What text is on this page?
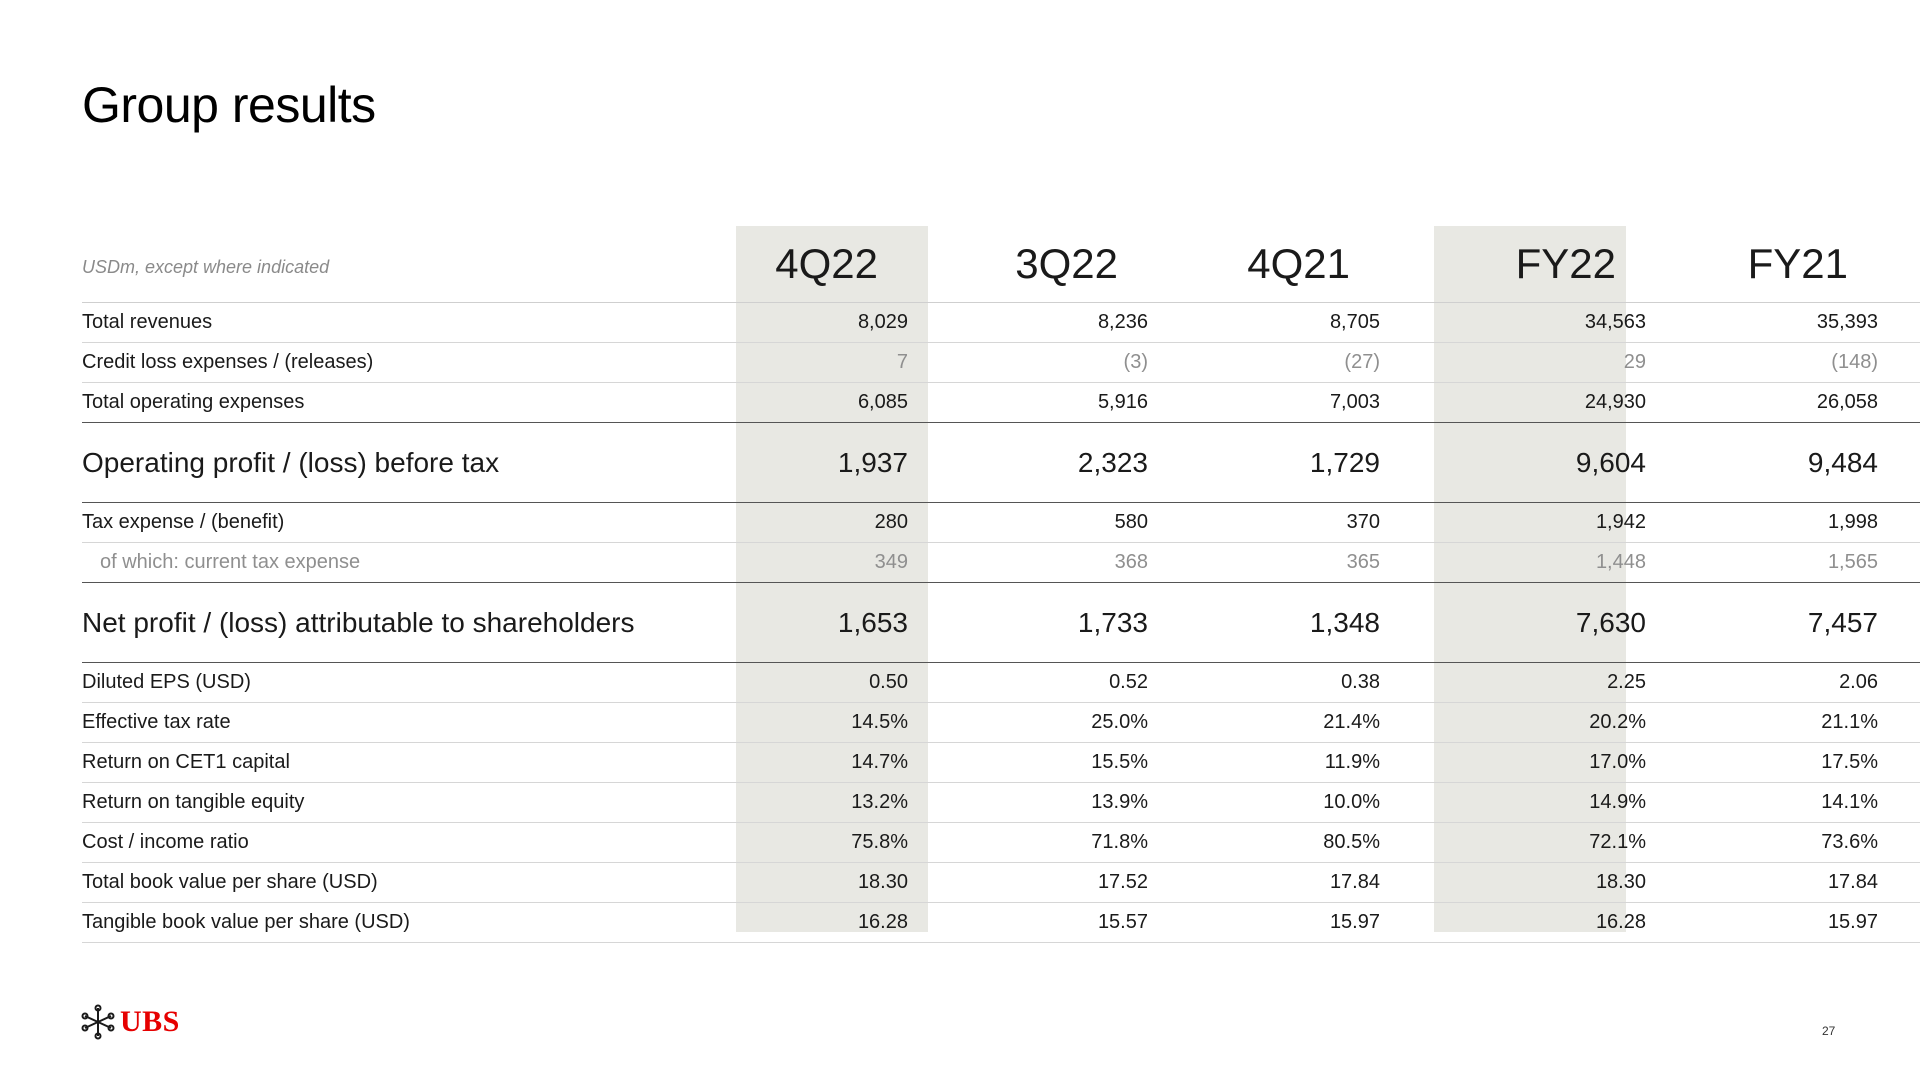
Group results
USDm, except where indicated	4Q22		3Q22		4Q21		FY22		FY21	
Total revenues	8,029		8,236		8,705		34,563		35,393	
Credit loss expenses / (releases)	7		(3)		(27)		29		(148)	
Total operating expenses	6,085		5,916		7,003		24,930		26,058	
Operating profit / (loss) before tax	1,937		2,323		1,729		9,604		9,484	
Tax expense / (benefit)	280		580		370		1,942		1,998	
of which: current tax expense	349		368		365		1,448		1,565	
Net profit / (loss) attributable to shareholders	1,653		1,733		1,348		7,630		7,457	
Diluted EPS (USD)	0.50		0.52		0.38		2.25		2.06	
Effective tax rate	14.5%		25.0%		21.4%		20.2%		21.1%	
Return on CET1 capital	14.7%		15.5%		11.9%		17.0%		17.5%	
Return on tangible equity	13.2%		13.9%		10.0%		14.9%		14.1%	
Cost / income ratio	75.8%		71.8%		80.5%		72.1%		73.6%	
Total book value per share (USD)	18.30		17.52		17.84		18.30		17.84	
Tangible book value per share (USD)	16.28		15.57		15.97		16.28		15.97	
UBS	27
